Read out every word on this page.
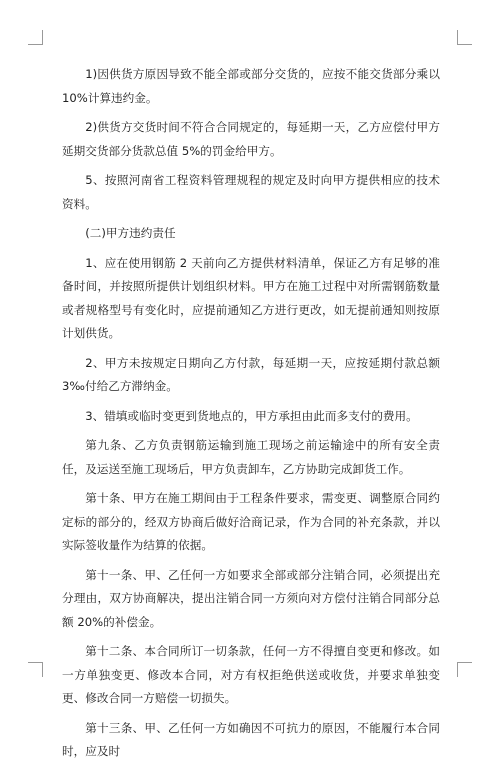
1)因供货方原因导致不能全部或部分交货的，应按不能交货部分乘以 10%计算违约金。

2)供货方交货时间不符合合同规定的，每延期一天，乙方应偿付甲方延期交货部分货款总值 5%的罚金给甲方。

5、按照河南省工程资料管理规程的规定及时向甲方提供相应的技术资料。

(二)甲方违约责任

1、应在使用钢筋 2 天前向乙方提供材料清单，保证乙方有足够的准备时间，并按照所提供计划组织材料。甲方在施工过程中对所需钢筋数量或者规格型号有变化时，应提前通知乙方进行更改，如无提前通知则按原计划供货。

2、甲方未按规定日期向乙方付款，每延期一天，应按延期付款总额 3‰付给乙方滞纳金。

3、错填或临时变更到货地点的，甲方承担由此而多支付的费用。

第九条、乙方负责钢筋运输到施工现场之前运输途中的所有安全责任，及运送至施工现场后，甲方负责卸车，乙方协助完成卸货工作。

第十条、甲方在施工期间由于工程条件要求，需变更、调整原合同约定标的部分的，经双方协商后做好洽商记录，作为合同的补充条款，并以实际签收量作为结算的依据。

第十一条、甲、乙任何一方如要求全部或部分注销合同，必须提出充分理由，双方协商解决，提出注销合同一方须向对方偿付注销合同部分总额 20%的补偿金。

第十二条、本合同所订一切条款，任何一方不得擅自变更和修改。如一方单独变更、修改本合同，对方有权拒绝供送或收货，并要求单独变更、修改合同一方赔偿一切损失。

第十三条、甲、乙任何一方如确因不可抗力的原因，不能履行本合同时，应及时
